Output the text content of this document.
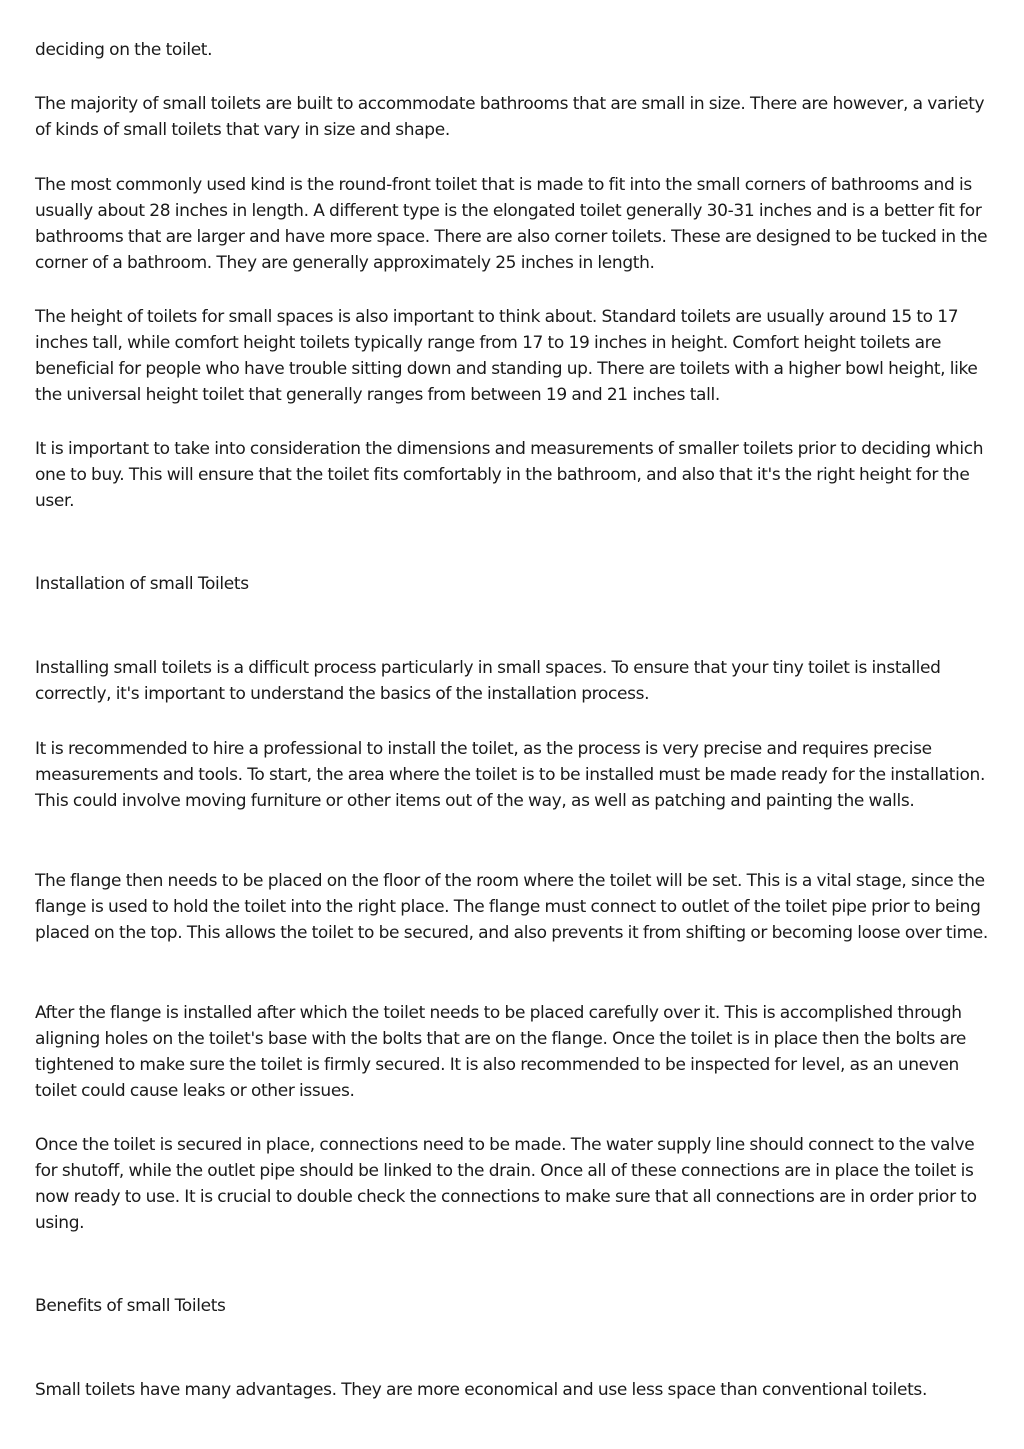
deciding on the toilet.

The majority of small toilets are built to accommodate bathrooms that are small in size. There are however, a variety of kinds of small toilets that vary in size and shape.

The most commonly used kind is the round-front toilet that is made to fit into the small corners of bathrooms and is usually about 28 inches in length. A different type is the elongated toilet generally 30-31 inches and is a better fit for bathrooms that are larger and have more space. There are also corner toilets. These are designed to be tucked in the corner of a bathroom. They are generally approximately 25 inches in length.

The height of toilets for small spaces is also important to think about. Standard toilets are usually around 15 to 17 inches tall, while comfort height toilets typically range from 17 to 19 inches in height. Comfort height toilets are beneficial for people who have trouble sitting down and standing up. There are toilets with a higher bowl height, like the universal height toilet that generally ranges from between 19 and 21 inches tall.

It is important to take into consideration the dimensions and measurements of smaller toilets prior to deciding which one to buy. This will ensure that the toilet fits comfortably in the bathroom, and also that it's the right height for the user.

Installation of small Toilets

Installing small toilets is a difficult process particularly in small spaces. To ensure that your tiny toilet is installed correctly, it's important to understand the basics of the installation process.

It is recommended to hire a professional to install the toilet, as the process is very precise and requires precise measurements and tools. To start, the area where the toilet is to be installed must be made ready for the installation. This could involve moving furniture or other items out of the way, as well as patching and painting the walls.

The flange then needs to be placed on the floor of the room where the toilet will be set. This is a vital stage, since the flange is used to hold the toilet into the right place. The flange must connect to outlet of the toilet pipe prior to being placed on the top. This allows the toilet to be secured, and also prevents it from shifting or becoming loose over time.

After the flange is installed after which the toilet needs to be placed carefully over it. This is accomplished through aligning holes on the toilet's base with the bolts that are on the flange. Once the toilet is in place then the bolts are tightened to make sure the toilet is firmly secured. It is also recommended to be inspected for level, as an uneven toilet could cause leaks or other issues.

Once the toilet is secured in place, connections need to be made. The water supply line should connect to the valve for shutoff, while the outlet pipe should be linked to the drain. Once all of these connections are in place the toilet is now ready to use. It is crucial to double check the connections to make sure that all connections are in order prior to using.

Benefits of small Toilets

Small toilets have many advantages. They are more economical and use less space than conventional toilets.
